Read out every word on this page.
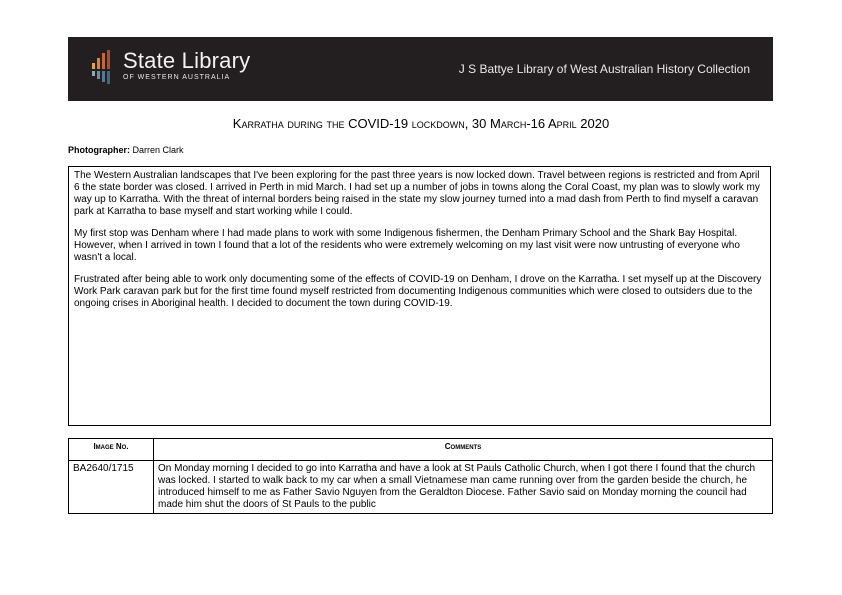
State Library
OF WESTERN AUSTRALIA
J S Battye Library of West Australian History Collection
Karratha during the COVID-19 lockdown, 30 March-16 April 2020
Photographer: Darren Clark

The Western Australian landscapes that I've been exploring for the past three years is now locked down. Travel between regions is restricted and from April 6 the state border was closed. I arrived in Perth in mid March. I had set up a number of jobs in towns along the Coral Coast, my plan was to slowly work my way up to Karratha. With the threat of internal borders being raised in the state my slow journey turned into a mad dash from Perth to find myself a caravan park at Karratha to base myself and start working while I could.

My first stop was Denham where I had made plans to work with some Indigenous fishermen, the Denham Primary School and the Shark Bay Hospital. However, when I arrived in town I found that a lot of the residents who were extremely welcoming on my last visit were now untrusting of everyone who wasn't a local.

Frustrated after being able to work only documenting some of the effects of COVID-19 on Denham, I drove on the Karratha. I set myself up at the Discovery Work Park caravan park but for the first time found myself restricted from documenting Indigenous communities which were closed to outsiders due to the ongoing crises in Aboriginal health. I decided to document the town during COVID-19.

Image No.	Comments
BA2640/1715	On Monday morning I decided to go into Karratha and have a look at St Pauls Catholic Church, when I got there I found that the church was locked. I started to walk back to my car when a small Vietnamese man came running over from the garden beside the church, he introduced himself to me as Father Savio Nguyen from the Geraldton Diocese. Father Savio said on Monday morning the council had made him shut the doors of St Pauls to the public
